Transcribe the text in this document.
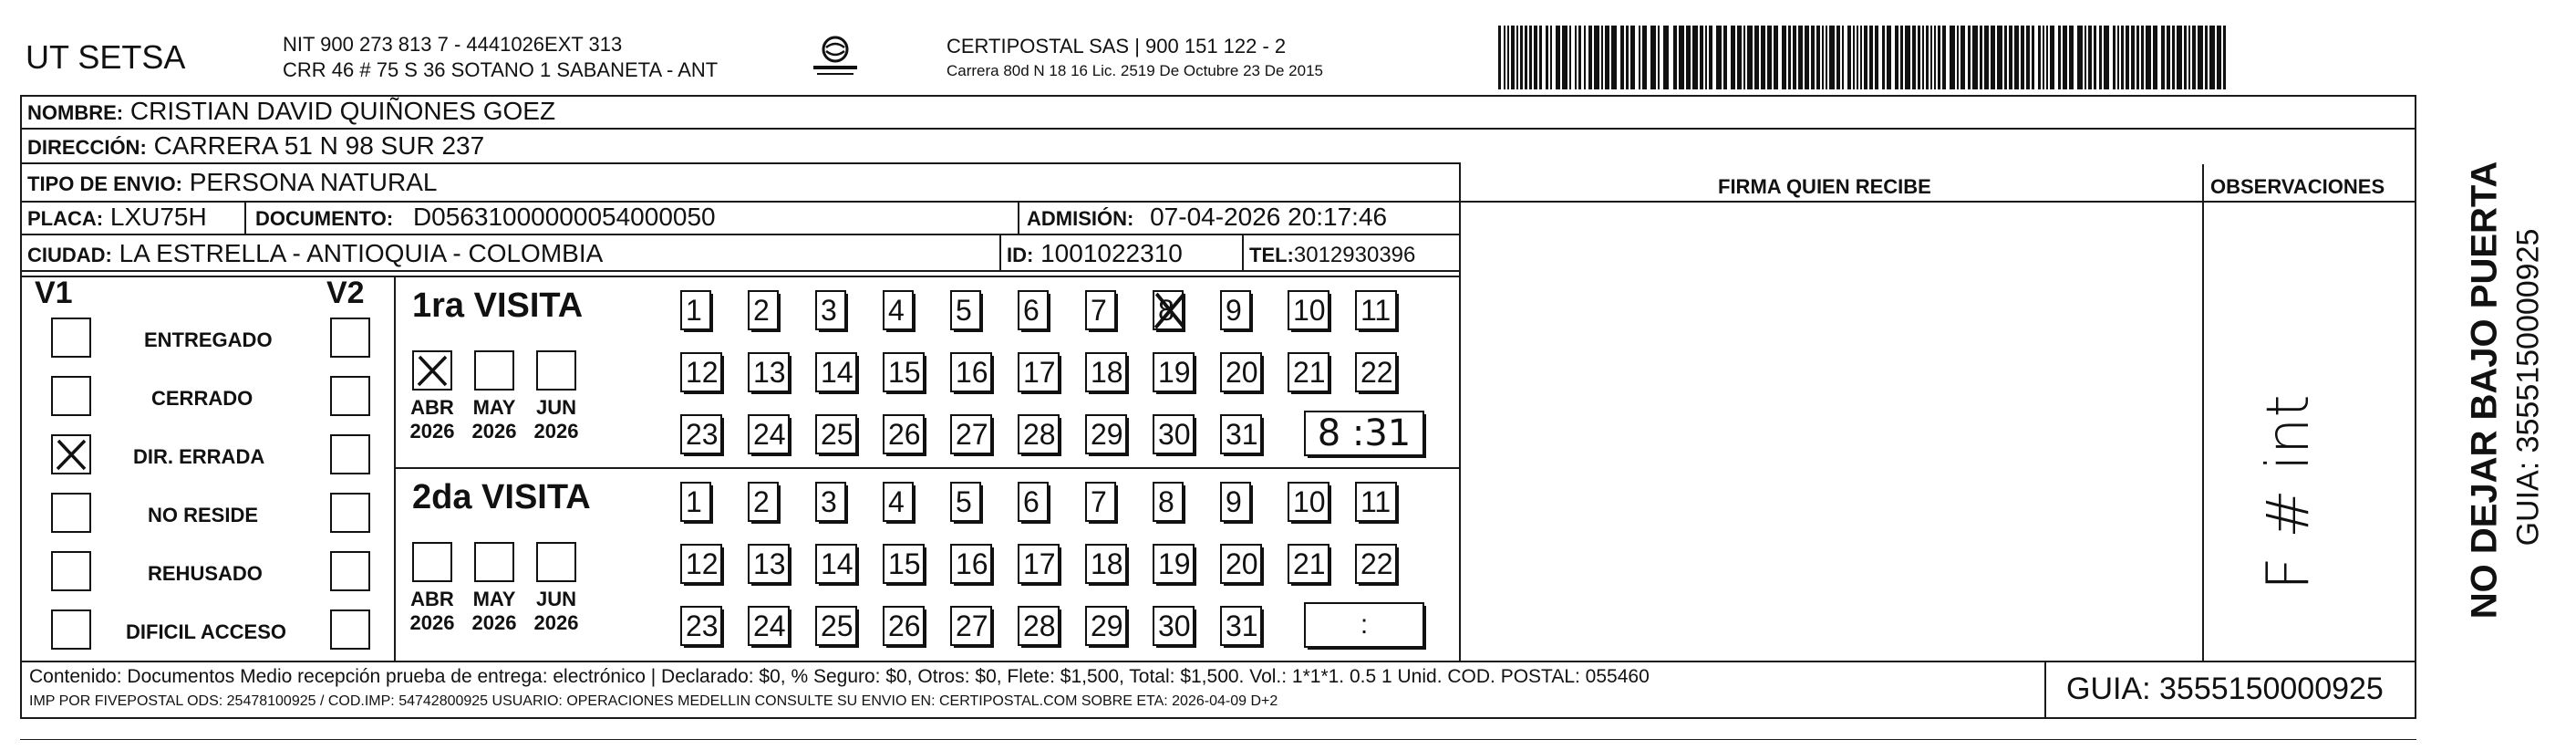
UT SETSA	NIT 900 273 813 7 - 4441026EXT 313
CRR 46 # 75 S 36 SOTANO 1 SABANETA - ANT
CERTIPOSTAL SAS | 900 151 122 - 2
Carrera 80d N 18 16 Lic. 2519 De Octubre 23 De 2015
NOMBRE: CRISTIAN DAVID QUIÑONES GOEZ
DIRECCIÓN: CARRERA 51 N 98 SUR 237
TIPO DE ENVIO: PERSONA NATURAL
PLACA: LXU75H DOCUMENTO: D05631000000054000050	ADMISIÓN: 07-04-2026 20:17:46
CIUDAD: LA ESTRELLA - ANTIOQUIA - COLOMBIA	ID: 1001022310	TEL:3012930396
FIRMA QUIEN RECIBE	OBSERVACIONES
F # int
V1	V2
ENTREGADO
CERRADO
DIR. ERRADA
NO RESIDE
REHUSADO
DIFICIL ACCESO
1ra VISITA
ABR
2026
MAY
2026
JUN
2026
1	2	3	4	5	6	7	8	9	10 11
12 13 14 15 16 17 18 19 20 21 22
23 24 25 26 27 28 29 30 31	8 :31
2da VISITA
ABR
2026
MAY
2026
JUN
2026
1	2	3	4	5	6	7	8	9	10 11
12 13 14 15 16 17 18 19 20 21 22
23 24 25 26 27 28 29 30 31	:
Contenido: Documentos Medio recepción prueba de entrega: electrónico | Declarado: $0, % Seguro: $0, Otros: $0, Flete: $1,500, Total: $1,500. Vol.: 1*1*1. 0.5 1 Unid. COD. POSTAL: 055460
IMP POR FIVEPOSTAL ODS: 25478100925 / COD.IMP: 54742800925 USUARIO: OPERACIONES MEDELLIN CONSULTE SU ENVIO EN: CERTIPOSTAL.COM SOBRE ETA: 2026-04-09 D+2	GUIA: 3555150000925
NO DEJAR BAJO PUERTA GUIA: 3555150000925
